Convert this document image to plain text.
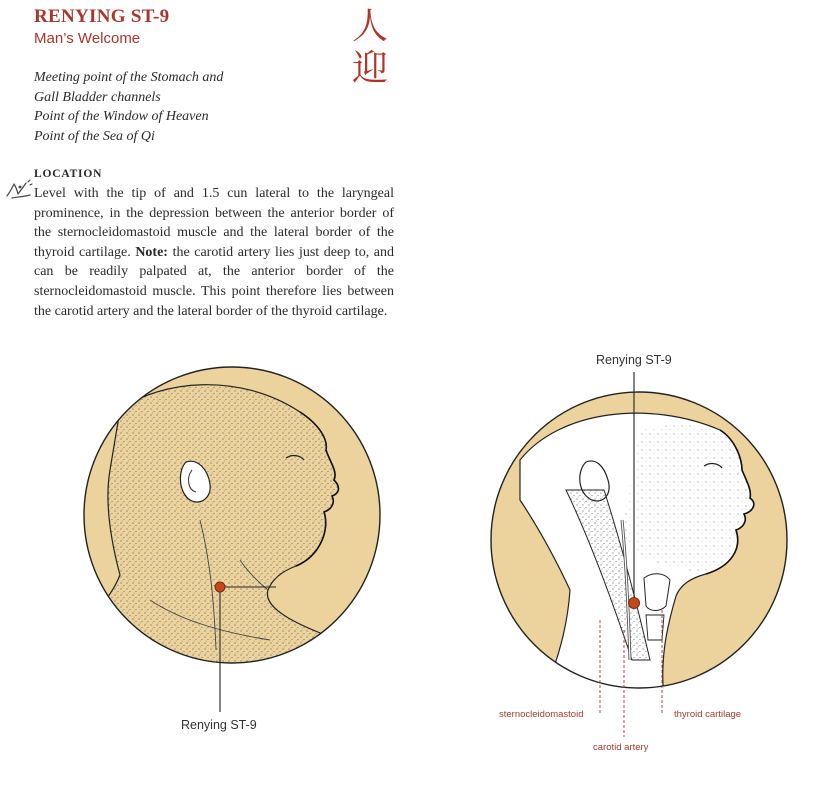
RENYING ST-9
Man’s Welcome	人
迎
Meeting point of the Stomach and
Gall Bladder channels
Point of the Window of Heaven
Point of the Sea of Qi
LOCATION
Level with the tip of and 1.5 cun lateral to the laryngeal prominence, in the depression between the anterior border of the sternocleidomastoid muscle and the lateral border of the thyroid cartilage. Note: the carotid artery lies just deep to, and can be readily palpated at, the anterior border of the sternocleidomastoid muscle. This point therefore lies between the carotid artery and the lateral border of the thyroid cartilage.
Renying ST-9
Renying ST-9
sternocleidomastoid
carotid artery
thyroid cartilage
